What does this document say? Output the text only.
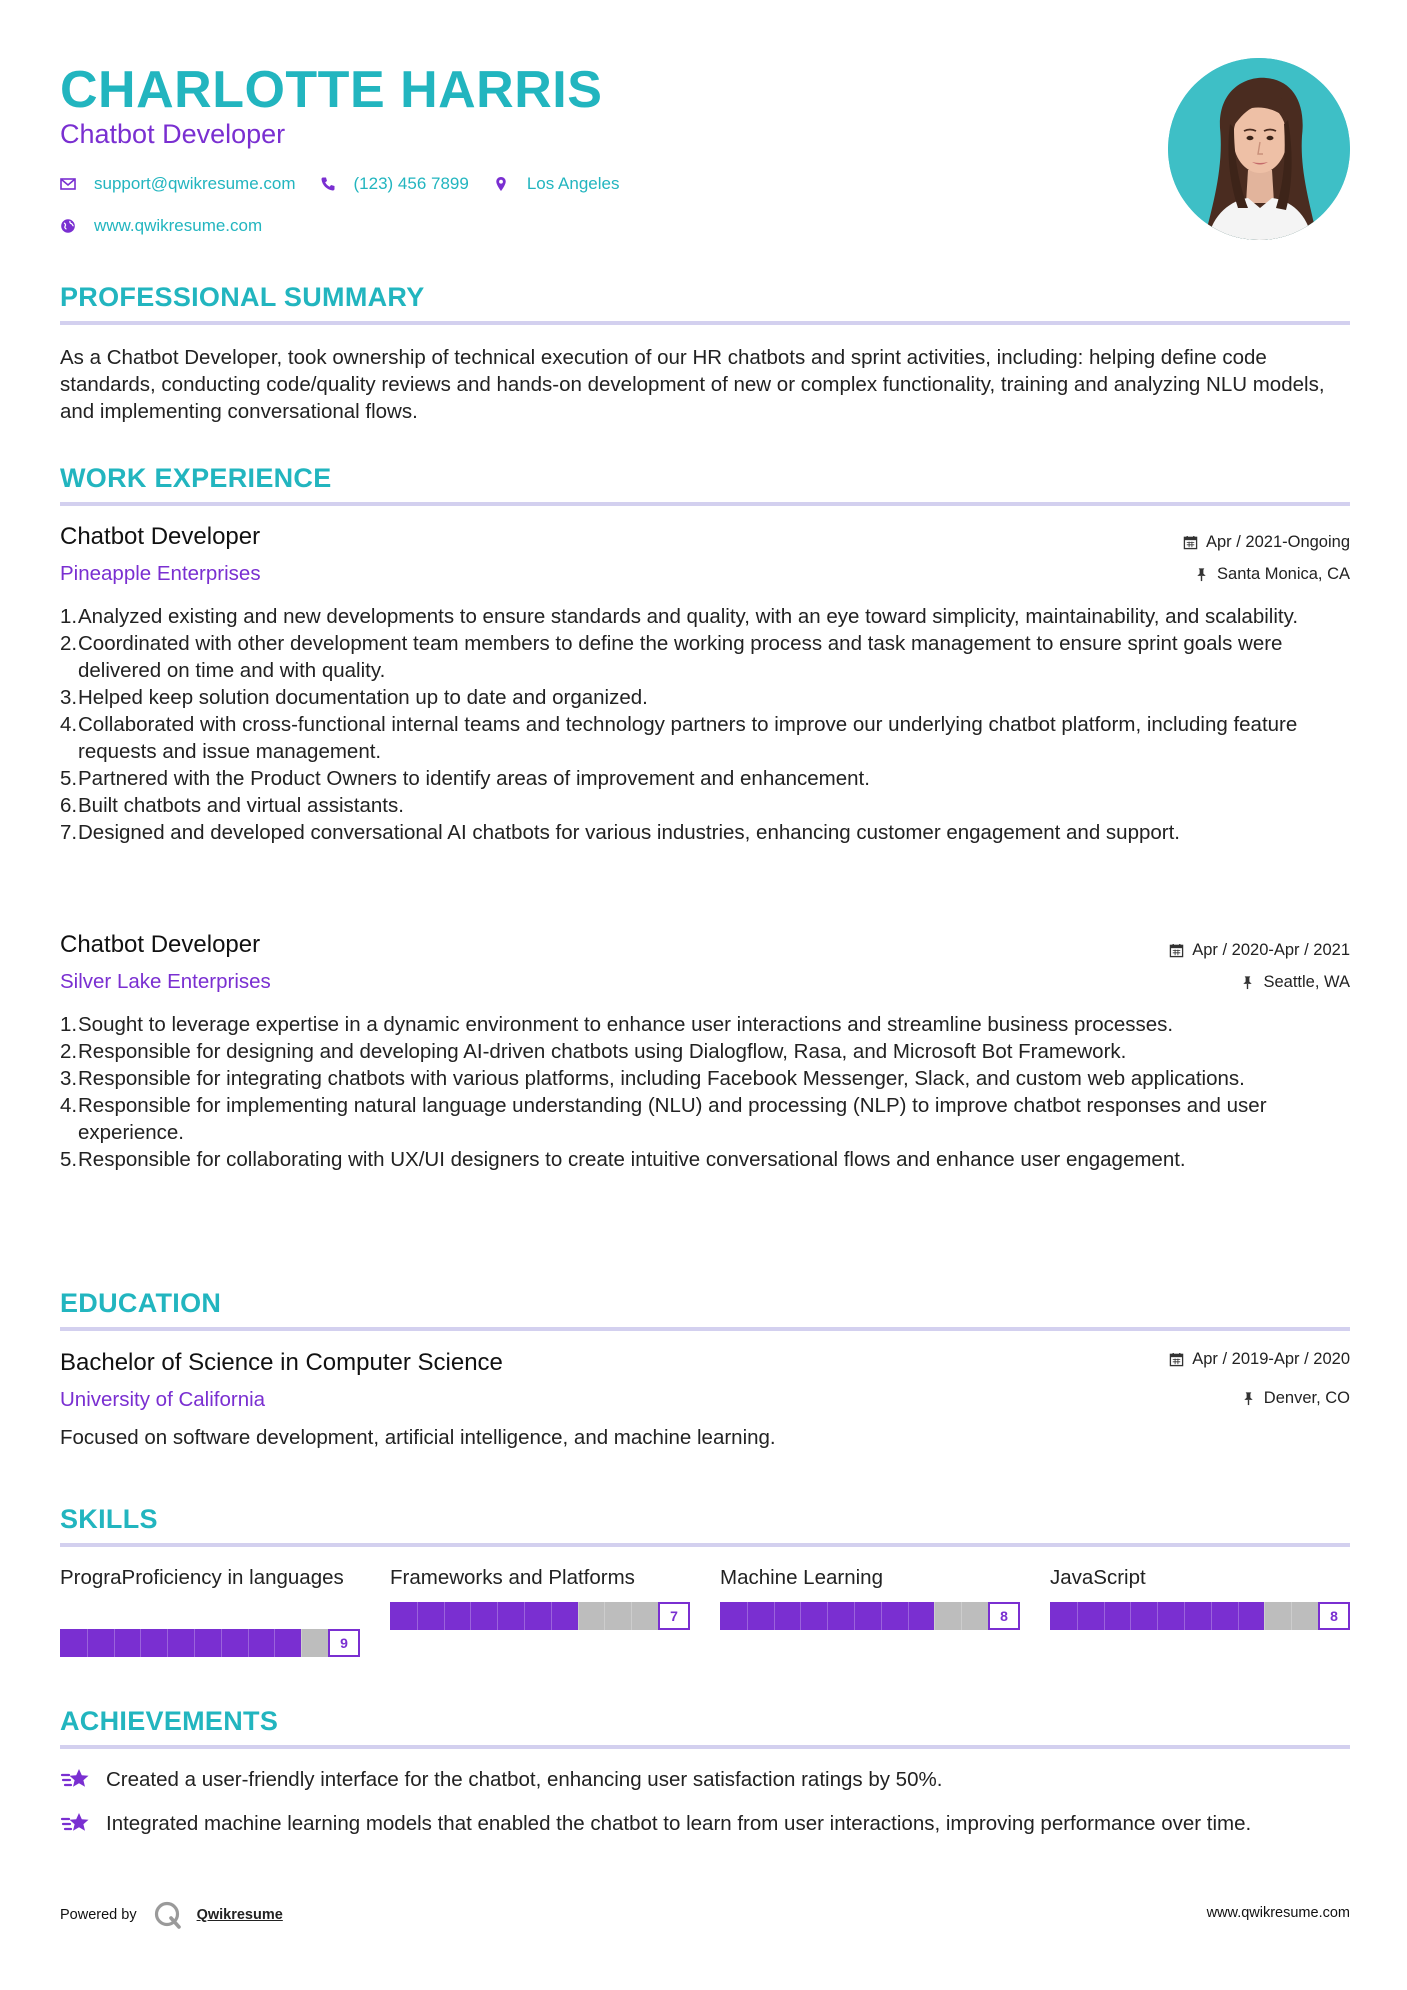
CHARLOTTE HARRIS
Chatbot Developer
support@qwikresume.com	(123) 456 7899	Los Angeles
www.qwikresume.com
PROFESSIONAL SUMMARY
As a Chatbot Developer, took ownership of technical execution of our HR chatbots and sprint activities, including: helping define code standards, conducting code/quality reviews and hands-on development of new or complex functionality, training and analyzing NLU models, and implementing conversational flows.
WORK EXPERIENCE
Chatbot Developer
Pineapple Enterprises
Apr / 2021-Ongoing
Santa Monica, CA
1. Analyzed existing and new developments to ensure standards and quality, with an eye toward simplicity, maintainability, and scalability.
2. Coordinated with other development team members to define the working process and task management to ensure sprint goals were delivered on time and with quality.
3. Helped keep solution documentation up to date and organized.
4. Collaborated with cross-functional internal teams and technology partners to improve our underlying chatbot platform, including feature requests and issue management.
5. Partnered with the Product Owners to identify areas of improvement and enhancement.
6. Built chatbots and virtual assistants.
7. Designed and developed conversational AI chatbots for various industries, enhancing customer engagement and support.
Chatbot Developer
Silver Lake Enterprises
Apr / 2020-Apr / 2021
Seattle, WA
1. Sought to leverage expertise in a dynamic environment to enhance user interactions and streamline business processes.
2. Responsible for designing and developing AI-driven chatbots using Dialogflow, Rasa, and Microsoft Bot Framework.
3. Responsible for integrating chatbots with various platforms, including Facebook Messenger, Slack, and custom web applications.
4. Responsible for implementing natural language understanding (NLU) and processing (NLP) to improve chatbot responses and user experience.
5. Responsible for collaborating with UX/UI designers to create intuitive conversational flows and enhance user engagement.
EDUCATION
Bachelor of Science in Computer Science
University of California
Apr / 2019-Apr / 2020
Denver, CO
Focused on software development, artificial intelligence, and machine learning.
SKILLS
PrograProficiency in languages
9
Frameworks and Platforms
7
Machine Learning
8
JavaScript
8
ACHIEVEMENTS
Created a user-friendly interface for the chatbot, enhancing user satisfaction ratings by 50%.
Integrated machine learning models that enabled the chatbot to learn from user interactions, improving performance over time.
Powered by	Qwikresume	www.qwikresume.com
